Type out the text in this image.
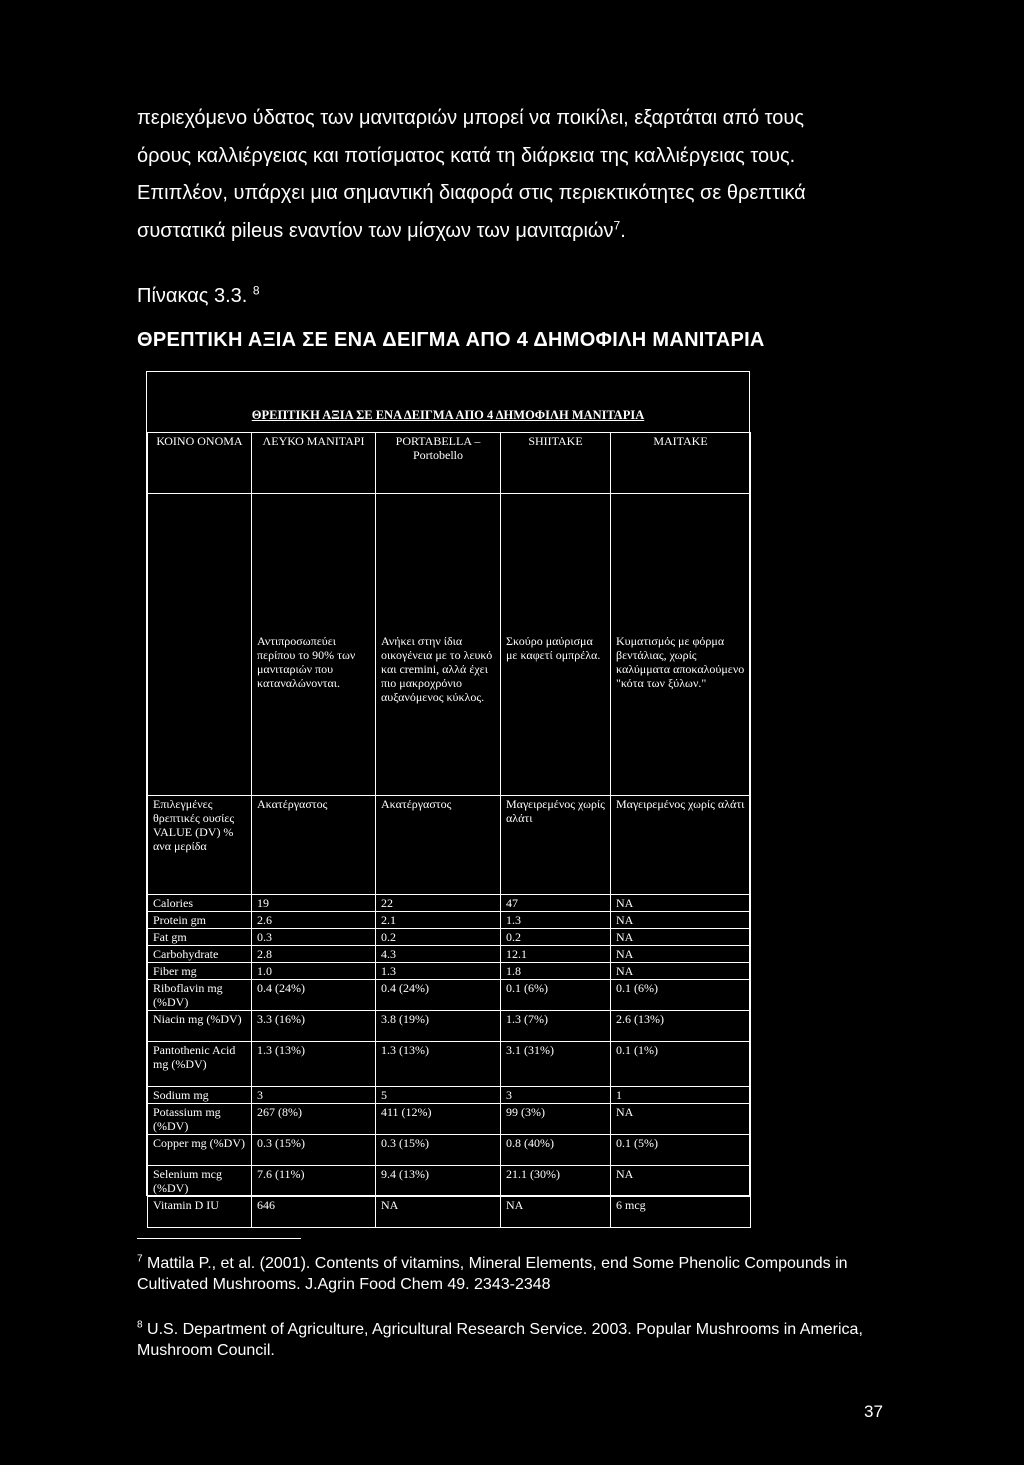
περιεχόμενο ύδατος των μανιταριών μπορεί να ποικίλει, εξαρτάται από τους
όρους καλλιέργειας και ποτίσματος κατά τη διάρκεια της καλλιέργειας τους.
Επιπλέον, υπάρχει μια σημαντική διαφορά στις περιεκτικότητες σε θρεπτικά
συστατικά pileus εναντίον των μίσχων των μανιταριών$^7$.
Πίνακας 3.3. $^8$
ΘΡΕΠΤΙΚΗ ΑΞΙΑ ΣΕ ΕΝΑ ΔΕΙΓΜΑ ΑΠΟ 4 ΔΗΜΟΦΙΛΗ ΜΑΝΙΤΑΡΙΑ
ΘΡΕΠΤΙΚΗ ΑΞΙΑ ΣΕ ΕΝΑ ΔΕΙΓΜΑ ΑΠΟ 4 ΔΗΜΟΦΙΛΗ ΜΑΝΙΤΑΡΙΑ
ΚΟΙΝΟ ΟΝΟΜΑ	ΛΕΥΚΟ ΜΑΝΙΤΑΡΙ	PORTABELLA – Portobello	SHIITAKE	MAITAKE
	Αντιπροσωπεύει περίπου το 90% των μανιταριών που καταναλώνονται.	Ανήκει στην ίδια οικογένεια με το λευκό και cremini, αλλά έχει πιο μακροχρόνιο αυξανόμενος κύκλος.	Σκούρο μαύρισμα με καφετί ομπρέλα.	Κυματισμός με φόρμα βεντάλιας, χωρίς καλύμματα αποκαλούμενο "κότα των ξύλων."
Επιλεγμένες θρεπτικές ουσίες VALUE (DV) % ανα μερίδα	Ακατέργαστος	Ακατέργαστος	Μαγειρεμένος χωρίς αλάτι	Μαγειρεμένος χωρίς αλάτι
Calories	19	22	47	NA
Protein gm	2.6	2.1	1.3	NA
Fat gm	0.3	0.2	0.2	NA
Carbohydrate	2.8	4.3	12.1	NA
Fiber mg	1.0	1.3	1.8	NA
Riboflavin mg (%DV)	0.4 (24%)	0.4 (24%)	0.1 (6%)	0.1 (6%)
Niacin mg (%DV)	3.3 (16%)	3.8 (19%)	1.3 (7%)	2.6 (13%)
Pantothenic Acid mg (%DV)	1.3 (13%)	1.3 (13%)	3.1 (31%)	0.1 (1%)
Sodium mg	3	5	3	1
Potassium mg (%DV)	267 (8%)	411 (12%)	99 (3%)	NA
Copper mg (%DV)	0.3 (15%)	0.3 (15%)	0.8 (40%)	0.1 (5%)
Selenium mcg (%DV)	7.6 (11%)	9.4 (13%)	21.1 (30%)	NA
Vitamin D IU	646	NA	NA	6 mcg
$^7$ Mattila P., et al. (2001). Contents of vitamins, Mineral Elements, end Some Phenolic Compounds in Cultivated Mushrooms. J.Agrin Food Chem 49. 2343-2348
$^8$ U.S. Department of Agriculture, Agricultural Research Service. 2003. Popular Mushrooms in America, Mushroom Council.
37
